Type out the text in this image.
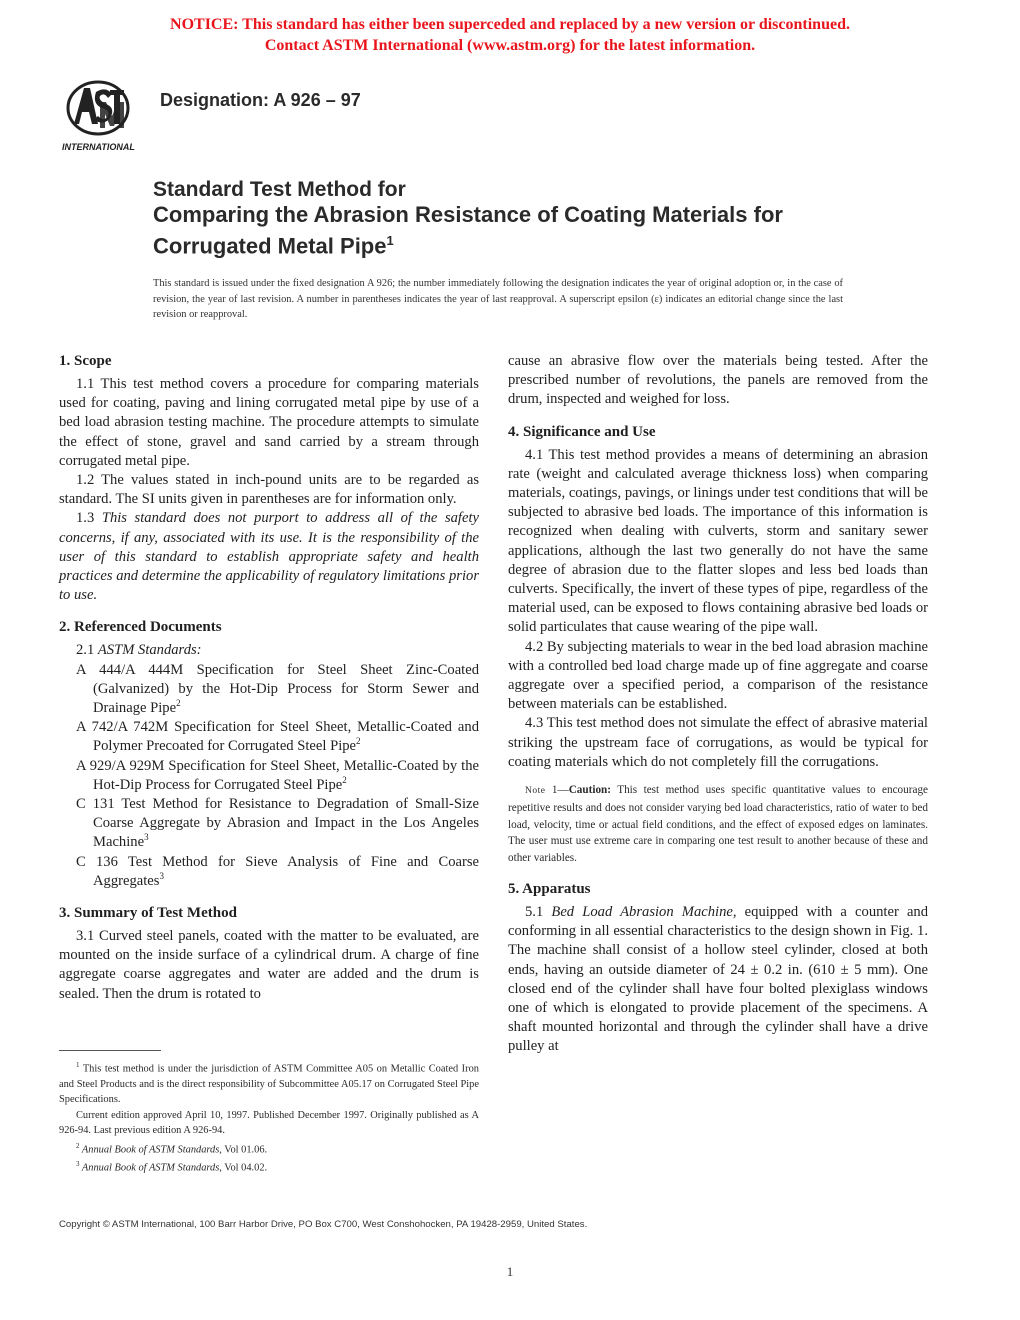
NOTICE: This standard has either been superceded and replaced by a new version or discontinued.
Contact ASTM International (www.astm.org) for the latest information.
INTERNATIONAL
Designation: A 926 – 97
Standard Test Method for
Comparing the Abrasion Resistance of Coating Materials for
Corrugated Metal Pipe$^1$
This standard is issued under the fixed designation A 926; the number immediately following the designation indicates the year of original adoption or, in the case of revision, the year of last revision. A number in parentheses indicates the year of last reapproval. A superscript epsilon (ε) indicates an editorial change since the last revision or reapproval.
1. Scope

1.1 This test method covers a procedure for comparing materials used for coating, paving and lining corrugated metal pipe by use of a bed load abrasion testing machine. The procedure attempts to simulate the effect of stone, gravel and sand carried by a stream through corrugated metal pipe.

1.2 The values stated in inch-pound units are to be regarded as standard. The SI units given in parentheses are for information only.

1.3 This standard does not purport to address all of the safety concerns, if any, associated with its use. It is the responsibility of the user of this standard to establish appropriate safety and health practices and determine the applicability of regulatory limitations prior to use.

2. Referenced Documents

2.1 ASTM Standards:

A 444/A 444M Specification for Steel Sheet Zinc-Coated (Galvanized) by the Hot-Dip Process for Storm Sewer and Drainage Pipe$^2$

A 742/A 742M Specification for Steel Sheet, Metallic-Coated and Polymer Precoated for Corrugated Steel Pipe$^2$

A 929/A 929M Specification for Steel Sheet, Metallic-Coated by the Hot-Dip Process for Corrugated Steel Pipe$^2$

C 131 Test Method for Resistance to Degradation of Small-Size Coarse Aggregate by Abrasion and Impact in the Los Angeles Machine$^3$

C 136 Test Method for Sieve Analysis of Fine and Coarse Aggregates$^3$

3. Summary of Test Method

3.1 Curved steel panels, coated with the matter to be evaluated, are mounted on the inside surface of a cylindrical drum. A charge of fine aggregate coarse aggregates and water are added and the drum is sealed. Then the drum is rotated to

cause an abrasive flow over the materials being tested. After the prescribed number of revolutions, the panels are removed from the drum, inspected and weighed for loss.

4. Significance and Use

4.1 This test method provides a means of determining an abrasion rate (weight and calculated average thickness loss) when comparing materials, coatings, pavings, or linings under test conditions that will be subjected to abrasive bed loads. The importance of this information is recognized when dealing with culverts, storm and sanitary sewer applications, although the last two generally do not have the same degree of abrasion due to the flatter slopes and less bed loads than culverts. Specifically, the invert of these types of pipe, regardless of the material used, can be exposed to flows containing abrasive bed loads or solid particulates that cause wearing of the pipe wall.

4.2 By subjecting materials to wear in the bed load abrasion machine with a controlled bed load charge made up of fine aggregate and coarse aggregate over a specified period, a comparison of the resistance between materials can be established.

4.3 This test method does not simulate the effect of abrasive material striking the upstream face of corrugations, as would be typical for coating materials which do not completely fill the corrugations.

Note 1—Caution: This test method uses specific quantitative values to encourage repetitive results and does not consider varying bed load characteristics, ratio of water to bed load, velocity, time or actual field conditions, and the effect of exposed edges on laminates. The user must use extreme care in comparing one test result to another because of these and other variables.

5. Apparatus

5.1 Bed Load Abrasion Machine, equipped with a counter and conforming in all essential characteristics to the design shown in Fig. 1. The machine shall consist of a hollow steel cylinder, closed at both ends, having an outside diameter of 24 ± 0.2 in. (610 ± 5 mm). One closed end of the cylinder shall have four bolted plexiglass windows one of which is elongated to provide placement of the specimens. A shaft mounted horizontal and through the cylinder shall have a drive pulley at

$^1$ This test method is under the jurisdiction of ASTM Committee A05 on Metallic Coated Iron and Steel Products and is the direct responsibility of Subcommittee A05.17 on Corrugated Steel Pipe Specifications.

Current edition approved April 10, 1997. Published December 1997. Originally published as A 926-94. Last previous edition A 926-94.

$^2$ Annual Book of ASTM Standards, Vol 01.06.

$^3$ Annual Book of ASTM Standards, Vol 04.02.

Copyright © ASTM International, 100 Barr Harbor Drive, PO Box C700, West Conshohocken, PA 19428-2959, United States.
1
